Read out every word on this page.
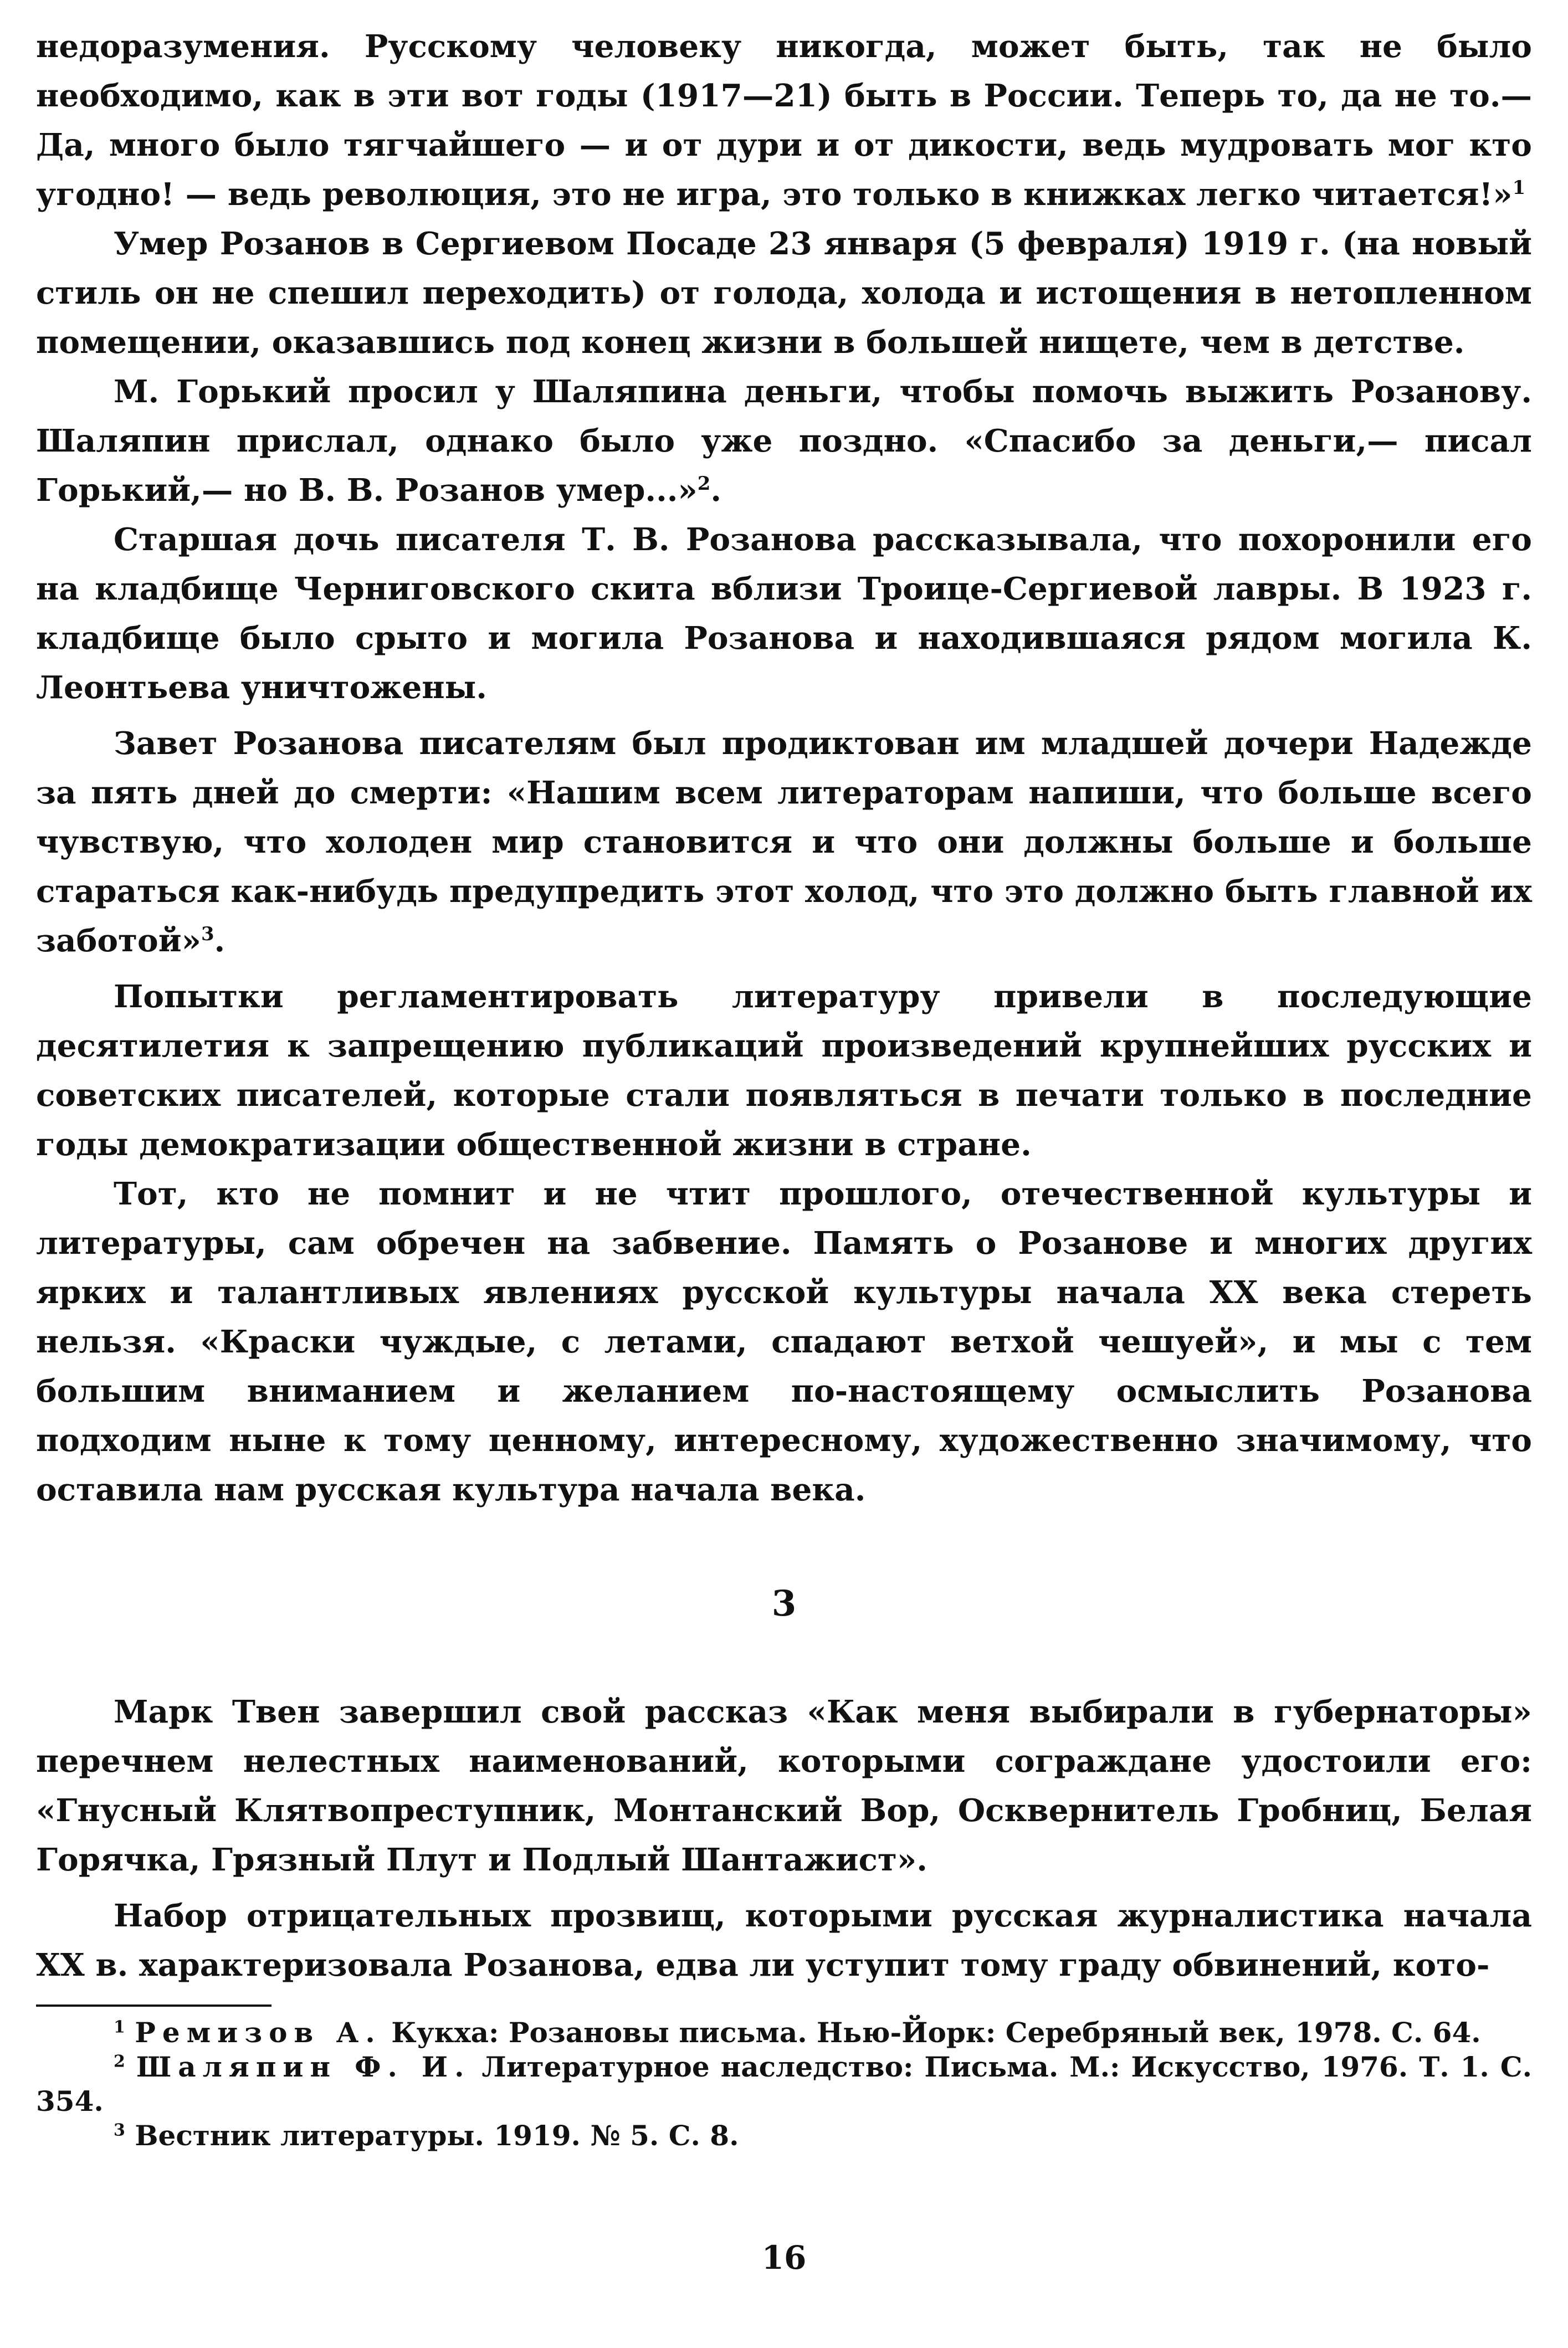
недоразумения. Русскому человеку никогда, может быть, так не было необходимо, как в эти вот годы (1917—21) быть в России. Теперь то, да не то.— Да, много было тягчайшего — и от дури и от дикости, ведь мудровать мог кто угодно! — ведь революция, это не игра, это только в книжках легко читается!»$^1$

Умер Розанов в Сергиевом Посаде 23 января (5 февраля) 1919 г. (на новый стиль он не спешил переходить) от голода, холода и истощения в нетопленном помещении, оказавшись под конец жизни в большей нищете, чем в детстве.

М. Горький просил у Шаляпина деньги, чтобы помочь выжить Розанову. Шаляпин прислал, однако было уже поздно. «Спасибо за деньги,— писал Горький,— но В. В. Розанов умер...»$^2$.

Старшая дочь писателя Т. В. Розанова рассказывала, что похоронили его на кладбище Черниговского скита вблизи Троице-Сергиевой лавры. В 1923 г. кладбище было срыто и могила Розанова и находившаяся рядом могила К. Леонтьева уничтожены.

Завет Розанова писателям был продиктован им младшей дочери Надежде за пять дней до смерти: «Нашим всем литераторам напиши, что больше всего чувствую, что холоден мир становится и что они должны больше и больше стараться как-нибудь предупредить этот холод, что это должно быть главной их заботой»$^3$.

Попытки регламентировать литературу привели в последующие десятилетия к запрещению публикаций произведений крупнейших русских и советских писателей, которые стали появляться в печати только в последние годы демократизации общественной жизни в стране.

Тот, кто не помнит и не чтит прошлого, отечественной культуры и литературы, сам обречен на забвение. Память о Розанове и многих других ярких и талантливых явлениях русской культуры начала XX века стереть нельзя. «Краски чуждые, с летами, спадают ветхой чешуей», и мы с тем большим вниманием и желанием по-настоящему осмыслить Розанова подходим ныне к тому ценному, интересному, художественно значимому, что оставила нам русская культура начала века.

3

Марк Твен завершил свой рассказ «Как меня выбирали в губернаторы» перечнем нелестных наименований, которыми сограждане удостоили его: «Гнусный Клятвопреступник, Монтанский Вор, Осквернитель Гробниц, Белая Горячка, Грязный Плут и Подлый Шантажист».

Набор отрицательных прозвищ, которыми русская журналистика начала XX в. характеризовала Розанова, едва ли уступит тому граду обвинений, кото-

$^1$ Ремизов А. Кукха: Розановы письма. Нью-Йорк: Серебряный век, 1978. С. 64.

$^2$ Шаляпин Ф. И. Литературное наследство: Письма. М.: Искусство, 1976. Т. 1. С. 354.

$^3$ Вестник литературы. 1919. № 5. С. 8.

16
